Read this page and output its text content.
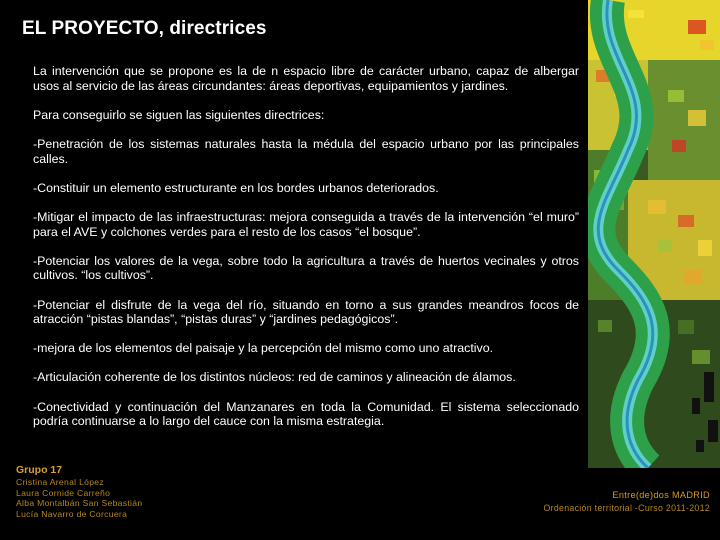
EL PROYECTO, directrices

La intervención que se propone es la de n espacio libre de carácter urbano, capaz de albergar usos al servicio de las áreas circundantes: áreas deportivas, equipamientos y jardines.

Para conseguirlo se siguen las siguientes directrices:

-Penetración de los sistemas naturales hasta la médula del espacio urbano por las principales calles.

-Constituir un elemento estructurante en los bordes urbanos deteriorados.

-Mitigar el impacto de las infraestructuras: mejora conseguida a través de la intervención “el muro” para el AVE y colchones verdes para el resto de los casos “el bosque”.

-Potenciar los valores de la vega, sobre todo la agricultura a través de huertos vecinales y otros cultivos. “los cultivos”.

-Potenciar el disfrute de la vega del río, situando en torno a sus grandes meandros focos de atracción “pistas blandas”, “pistas duras” y “jardines pedagógicos”.

-mejora de los elementos del paisaje y la percepción del mismo como uno atractivo.

-Articulación coherente de los distintos núcleos: red de caminos y alineación de álamos.

-Conectividad y continuación del Manzanares en toda la Comunidad. El sistema seleccionado podría continuarse a lo largo del cauce con la misma estrategia.

Grupo 17
Cristina Arenal López
Laura Cornide Carreño
Alba Montalbán San Sebastián
Lucía Navarro de Corcuera
Entre(de)dos MADRID
Ordenación territorial -Curso 2011-2012
